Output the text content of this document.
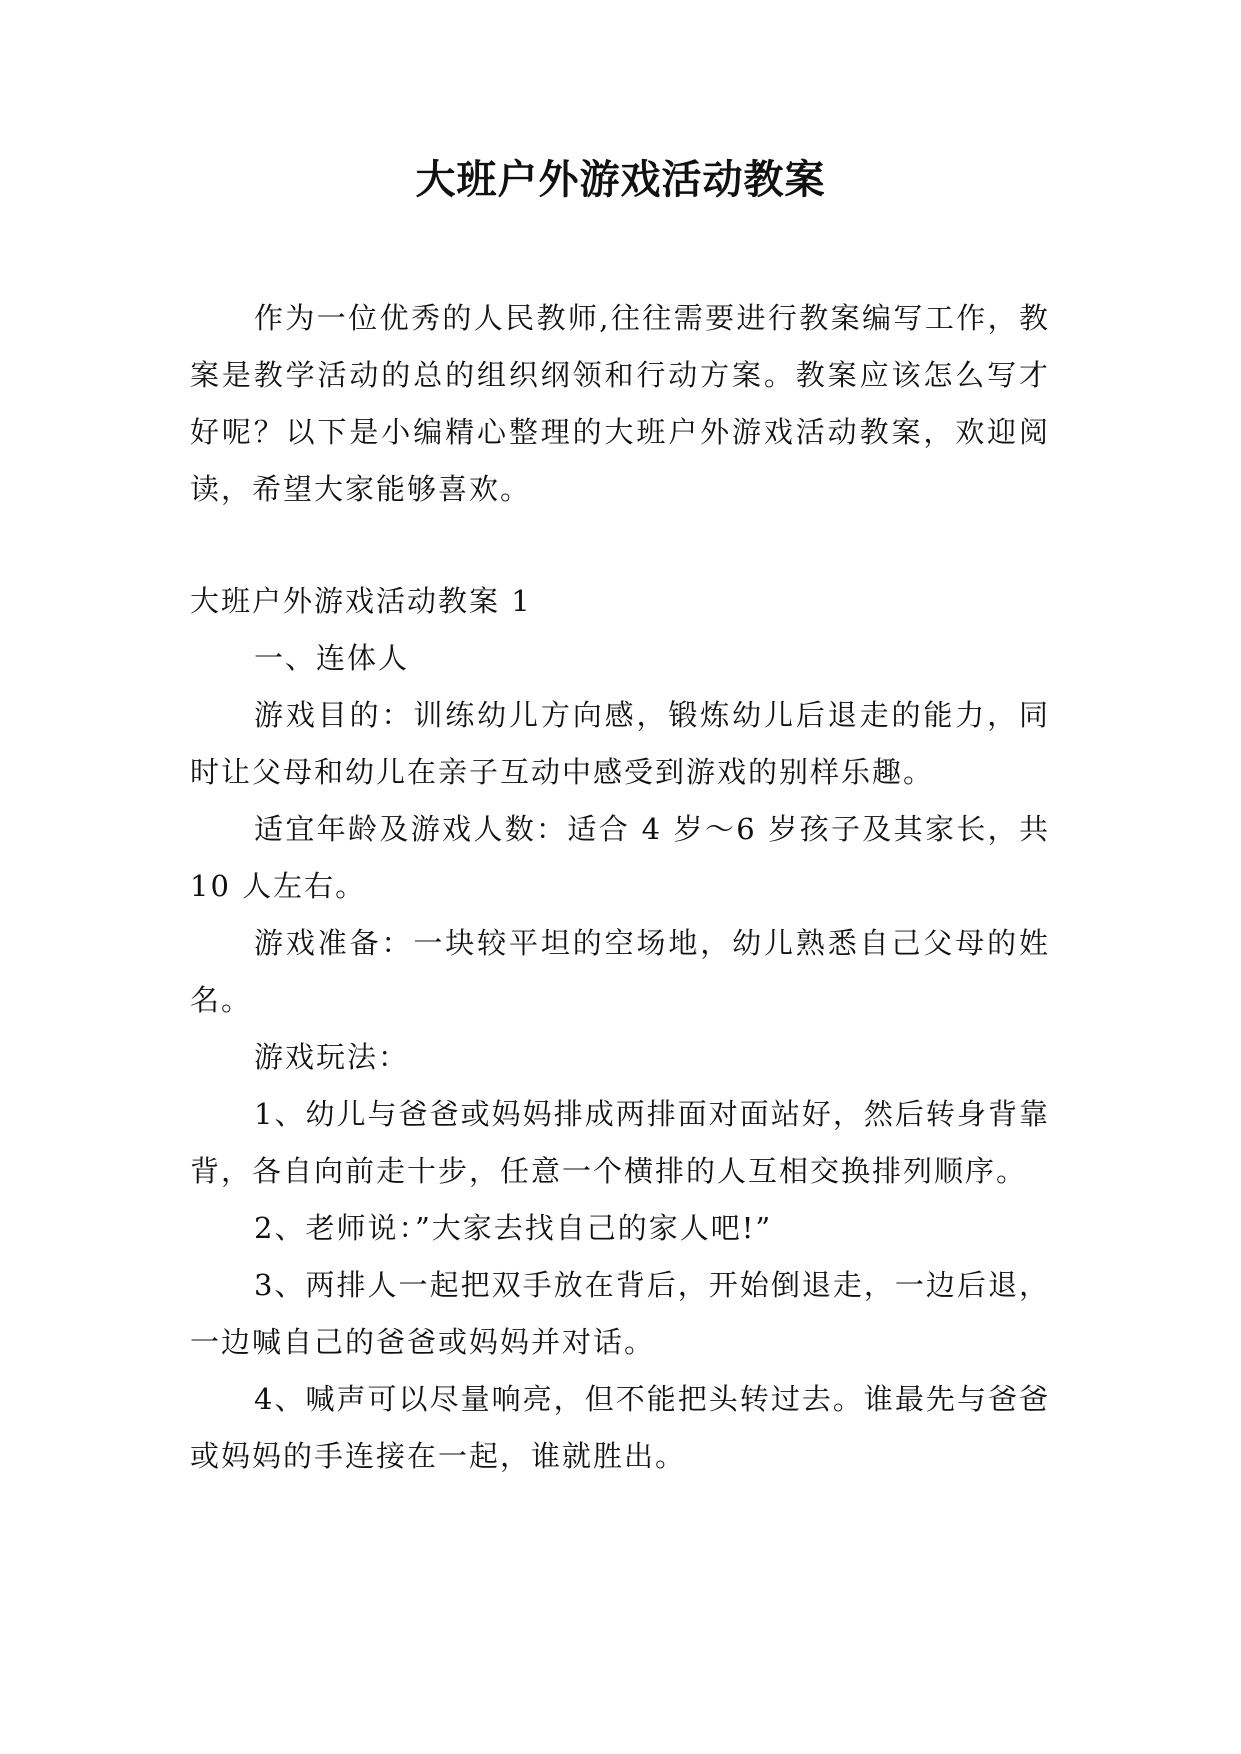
大班户外游戏活动教案

作为一位优秀的人民教师,往往需要进行教案编写工作，教案是教学活动的总的组织纲领和行动方案。教案应该怎么写才好呢？以下是小编精心整理的大班户外游戏活动教案，欢迎阅读，希望大家能够喜欢。

大班户外游戏活动教案 1

一、连体人

游戏目的：训练幼儿方向感，锻炼幼儿后退走的能力，同时让父母和幼儿在亲子互动中感受到游戏的别样乐趣。

适宜年龄及游戏人数：适合 4 岁～6 岁孩子及其家长，共 10 人左右。

游戏准备：一块较平坦的空场地，幼儿熟悉自己父母的姓名。

游戏玩法：

1、幼儿与爸爸或妈妈排成两排面对面站好，然后转身背靠背，各自向前走十步，任意一个横排的人互相交换排列顺序。

2、老师说：”大家去找自己的家人吧!”

3、两排人一起把双手放在背后，开始倒退走，一边后退，一边喊自己的爸爸或妈妈并对话。

4、喊声可以尽量响亮，但不能把头转过去。谁最先与爸爸或妈妈的手连接在一起，谁就胜出。
